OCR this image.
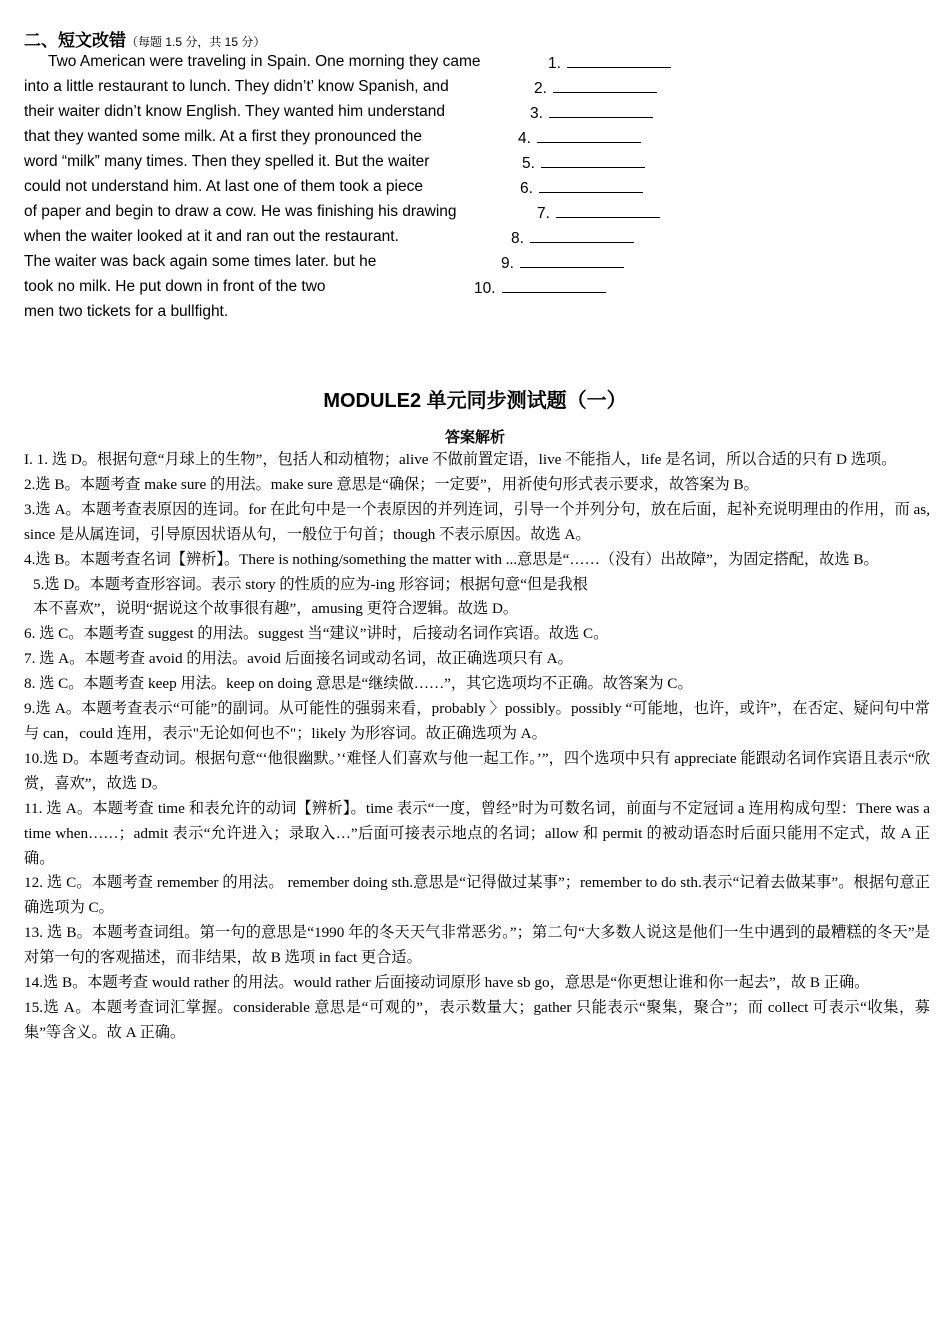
二、短文改错（每题 1.5 分，共 15 分）
Two American were traveling in Spain. One morning they came
into a little restaurant to lunch. They didn’t’ know Spanish, and
their waiter didn’t know English. They wanted him understand
that they wanted some milk. At a first they pronounced the
word “milk” many times. Then they spelled it. But the waiter
could not understand him. At last one of them took a piece
of paper and begin to draw a cow. He was finishing his drawing
when the waiter looked at it and ran out the restaurant.
The waiter was back again some times later. but he
took no milk. He put down in front of the two
men two tickets for a bullfight.
1.
2.
3.
4.
5.
6.
7.
8.
9.
10.
MODULE2 单元同步测试题（一）
答案解析

I. 1. 选 D。根据句意“月球上的生物”，包括人和动植物；alive 不做前置定语，live 不能指人，life 是名词，所以合适的只有 D 选项。

2.选 B。本题考查 make sure 的用法。make sure 意思是“确保；一定要”，用祈使句形式表示要求，故答案为 B。

3.选 A。本题考查表原因的连词。for 在此句中是一个表原因的并列连词，引导一个并列分句，放在后面，起补充说明理由的作用，而 as, since 是从属连词，引导原因状语从句，一般位于句首；though 不表示原因。故选 A。

4.选 B。本题考查名词【辨析】。There is nothing/something the matter with ...意思是“……（没有）出故障”，为固定搭配，故选 B。

5.选 D。本题考查形容词。表示 story 的性质的应为-ing 形容词；根据句意“但是我根

本不喜欢”，说明“据说这个故事很有趣”，amusing 更符合逻辑。故选 D。

6. 选 C。本题考查 suggest 的用法。suggest 当“建议”讲时，后接动名词作宾语。故选 C。

7. 选 A。本题考查 avoid 的用法。avoid 后面接名词或动名词，故正确选项只有 A。

8. 选 C。本题考查 keep 用法。keep on doing 意思是“继续做……”，其它选项均不正确。故答案为 C。

9.选 A。本题考查表示“可能”的副词。从可能性的强弱来看，probably 〉possibly。possibly “可能地，也许，或许”，在否定、疑问句中常与 can，could 连用，表示"无论如何也不"；likely 为形容词。故正确选项为 A。

10.选 D。本题考查动词。根据句意“‘他很幽默。’‘难怪人们喜欢与他一起工作。’”，四个选项中只有 appreciate 能跟动名词作宾语且表示“欣赏，喜欢”，故选 D。

11. 选 A。本题考查 time 和表允许的动词【辨析】。time 表示“一度，曾经”时为可数名词，前面与不定冠词 a 连用构成句型：There was a time when……；admit 表示“允许进入；录取入…”后面可接表示地点的名词；allow 和 permit 的被动语态时后面只能用不定式，故 A 正确。

12. 选 C。本题考查 remember 的用法。 remember doing sth.意思是“记得做过某事”；remember to do sth.表示“记着去做某事”。根据句意正确选项为 C。

13. 选 B。本题考查词组。第一句的意思是“1990 年的冬天天气非常恶劣。”；第二句“大多数人说这是他们一生中遇到的最糟糕的冬天”是对第一句的客观描述，而非结果，故 B 选项 in fact 更合适。

14.选 B。本题考查 would rather 的用法。would rather 后面接动词原形 have sb go，意思是“你更想让谁和你一起去”，故 B 正确。

15.选 A。本题考查词汇掌握。considerable 意思是“可观的”，表示数量大；gather 只能表示“聚集，聚合”；而 collect 可表示“收集，募集”等含义。故 A 正确。
